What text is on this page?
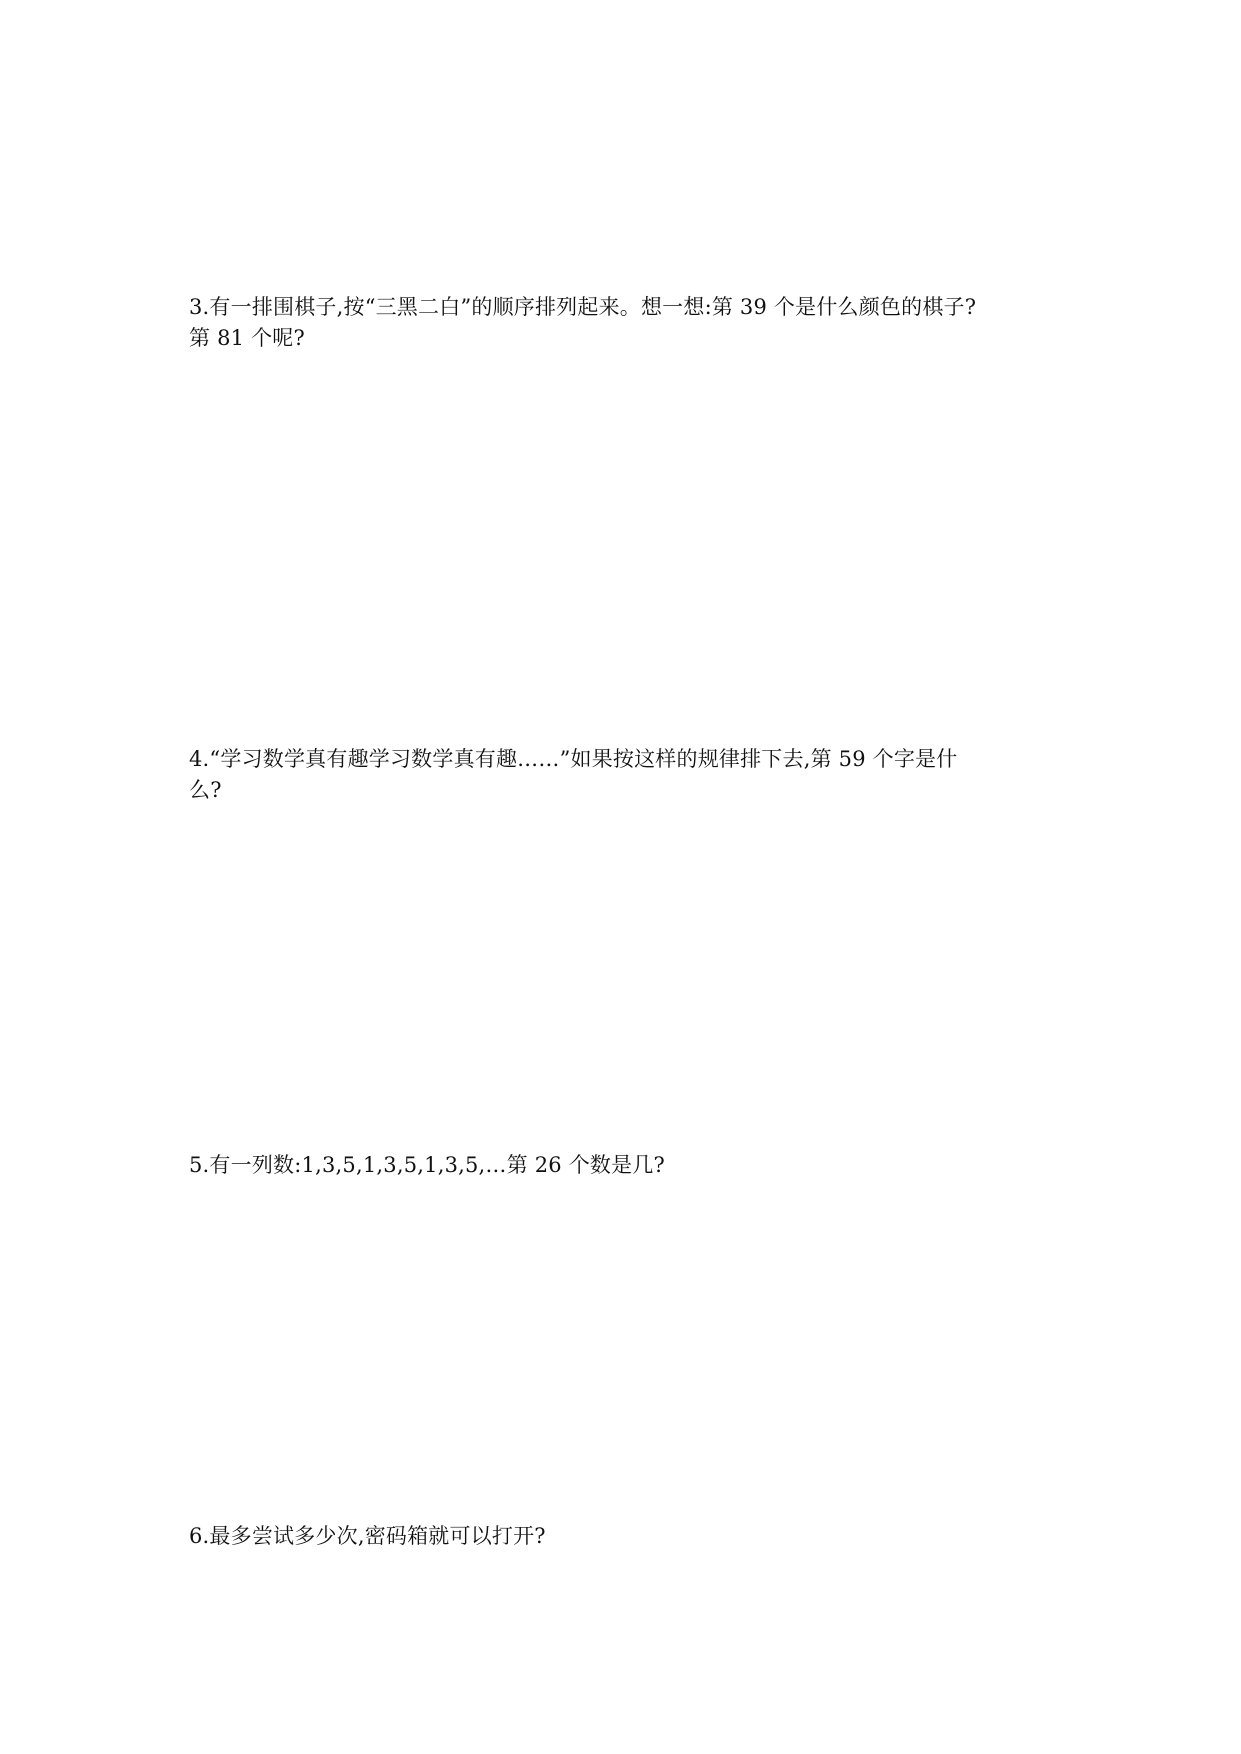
3.有一排围棋子,按“三黑二白”的顺序排列起来。想一想:第 39 个是什么颜色的棋子?
第 81 个呢?
4.“学习数学真有趣学习数学真有趣……”如果按这样的规律排下去,第 59 个字是什
么?
5.有一列数:1,3,5,1,3,5,1,3,5,…第 26 个数是几?
6.最多尝试多少次,密码箱就可以打开?
